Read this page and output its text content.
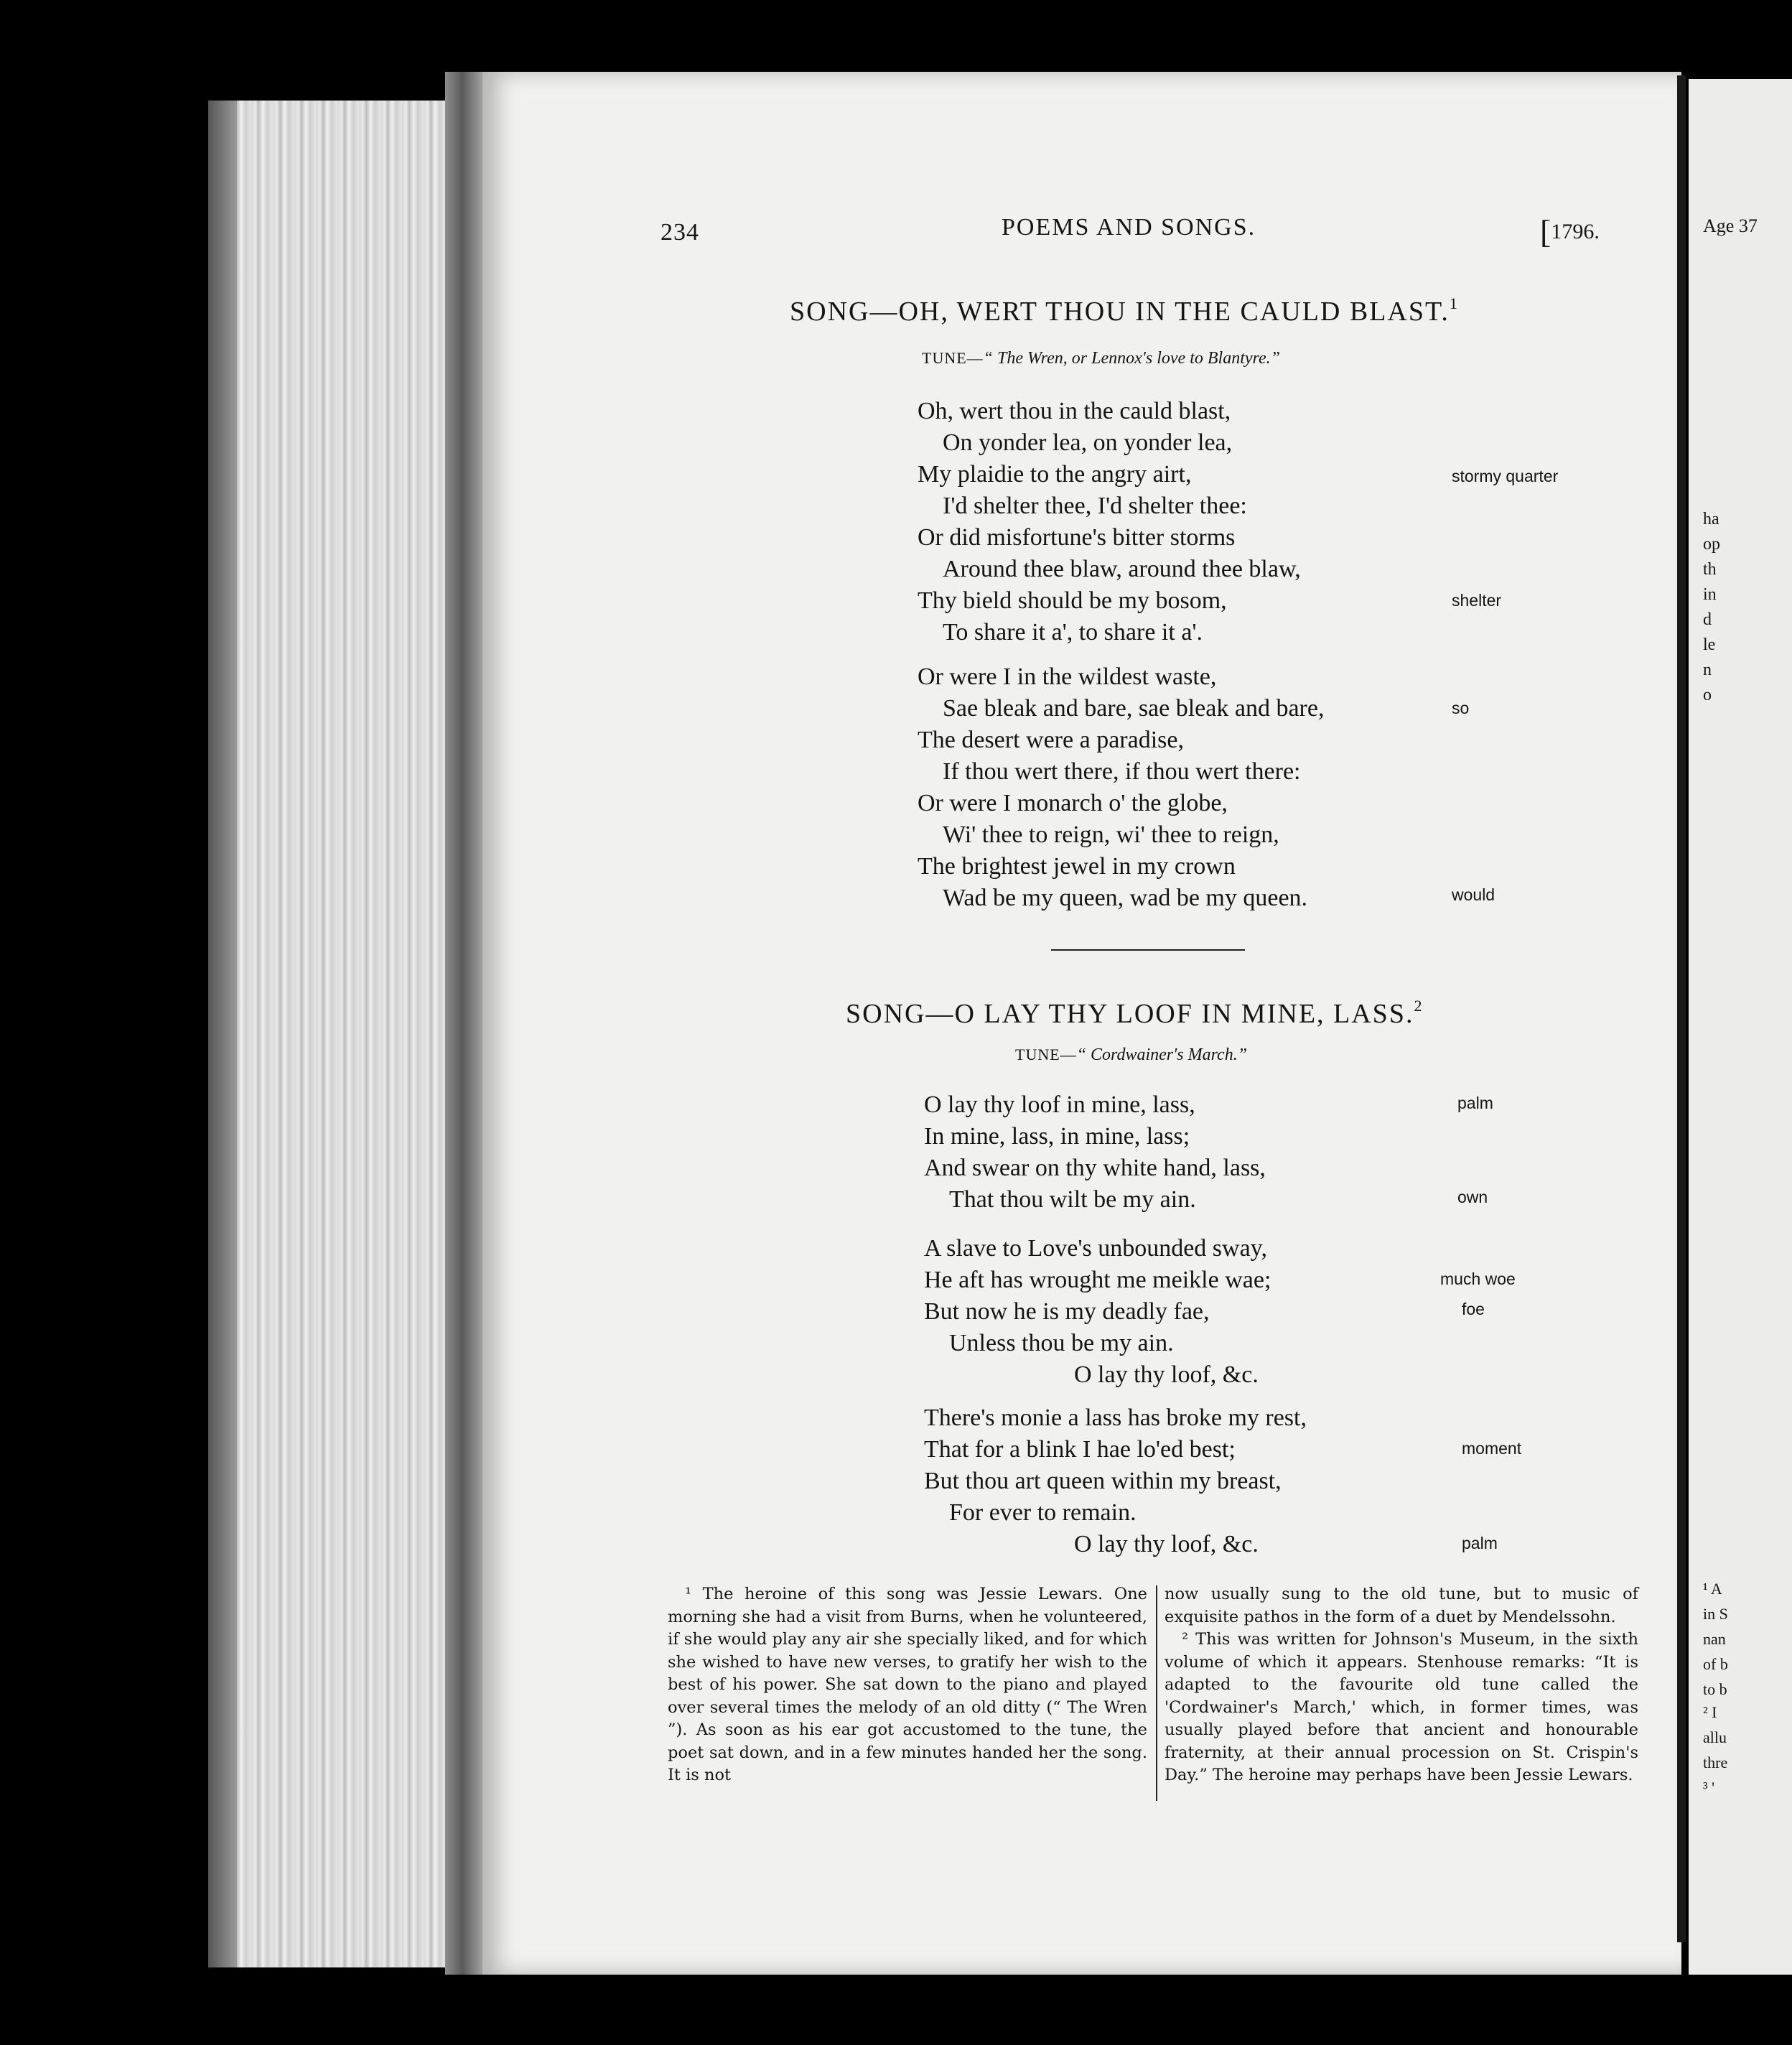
Age 37
ha
op
th
in
d
le
n
o
¹ A
in S
nan
of b
to b
² I
allu
thre
³ '
234	POEMS AND SONGS.	[1796.
SONG—OH, WERT THOU IN THE CAULD BLAST.$^1$
TUNE—“ The Wren, or Lennox's love to Blantyre.”
Oh, wert thou in the cauld blast,
On yonder lea, on yonder lea,
My plaidie to the angry airt,
I'd shelter thee, I'd shelter thee:
Or did misfortune's bitter storms
Around thee blaw, around thee blaw,
Thy bield should be my bosom,
To share it a', to share it a'.
Or were I in the wildest waste,
Sae bleak and bare, sae bleak and bare,
The desert were a paradise,
If thou wert there, if thou wert there:
Or were I monarch o' the globe,
Wi' thee to reign, wi' thee to reign,
The brightest jewel in my crown
Wad be my queen, wad be my queen.
stormy quarter
shelter
so
would
SONG—O LAY THY LOOF IN MINE, LASS.$^2$
TUNE—“ Cordwainer's March.”
O lay thy loof in mine, lass,
In mine, lass, in mine, lass;
And swear on thy white hand, lass,
That thou wilt be my ain.
A slave to Love's unbounded sway,
He aft has wrought me meikle wae;
But now he is my deadly fae,
Unless thou be my ain.
O lay thy loof, &c.
There's monie a lass has broke my rest,
That for a blink I hae lo'ed best;
But thou art queen within my breast,
For ever to remain.
O lay thy loof, &c.
palm
own
much woe
foe
moment
palm

¹ The heroine of this song was Jessie Lewars. One morning she had a visit from Burns, when he volunteered, if she would play any air she specially liked, and for which she wished to have new verses, to gratify her wish to the best of his power. She sat down to the piano and played over several times the melody of an old ditty (“ The Wren ”). As soon as his ear got accustomed to the tune, the poet sat down, and in a few minutes handed her the song. It is not

now usually sung to the old tune, but to music of exquisite pathos in the form of a duet by Mendelssohn.

² This was written for Johnson's Museum, in the sixth volume of which it appears. Stenhouse remarks: “It is adapted to the favourite old tune called the 'Cordwainer's March,' which, in former times, was usually played before that ancient and honourable fraternity, at their annual procession on St. Crispin's Day.” The heroine may perhaps have been Jessie Lewars.
